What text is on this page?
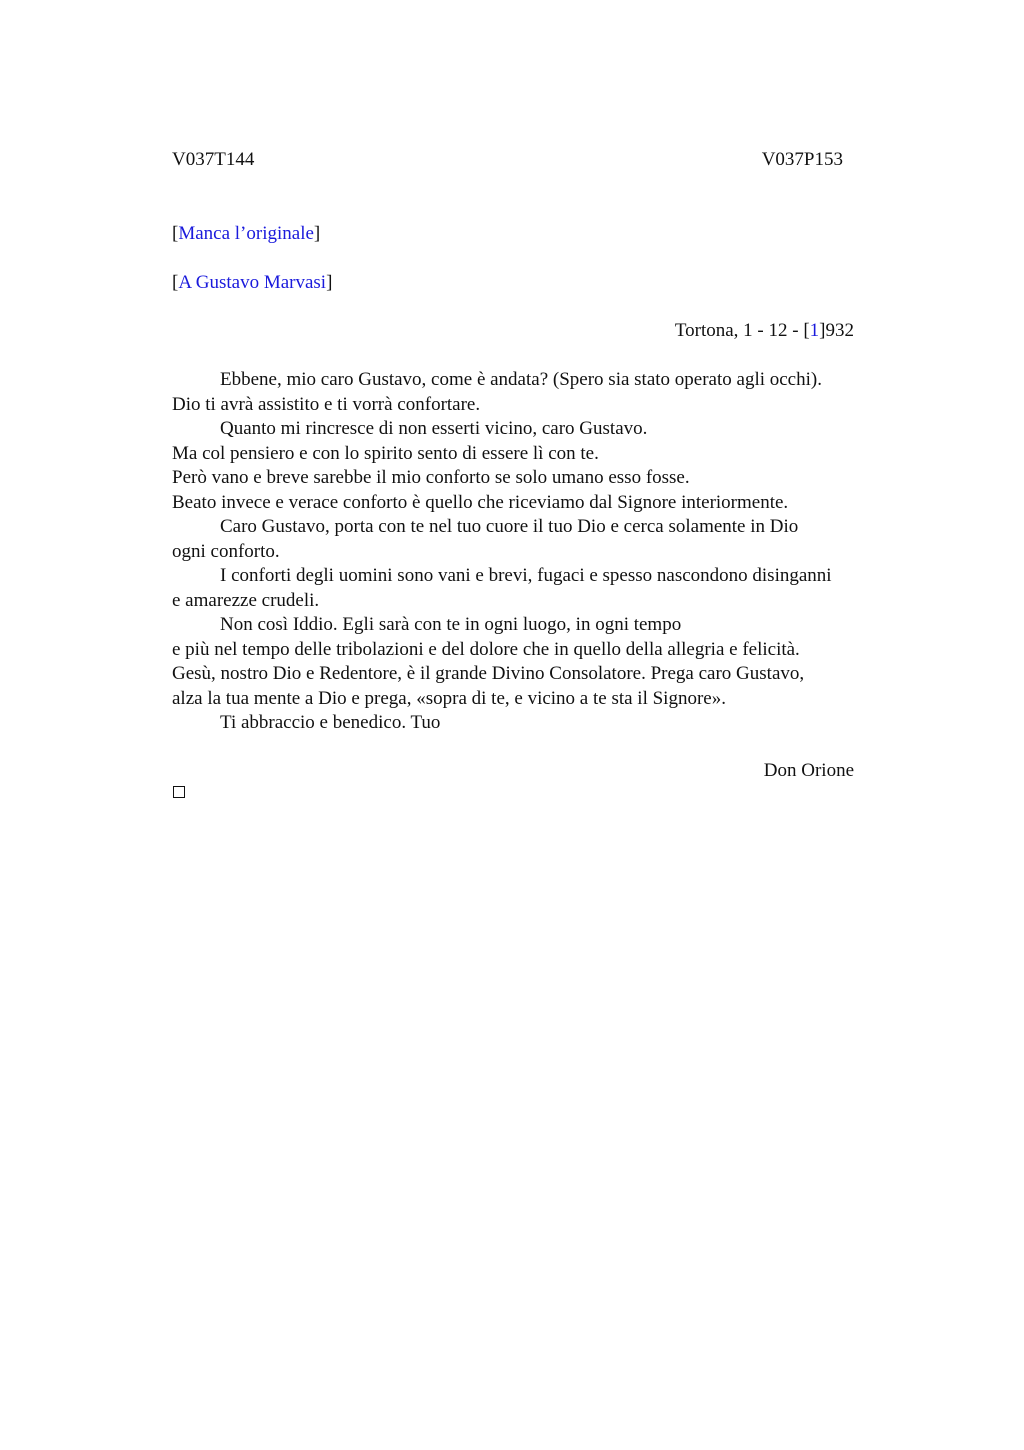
V037T144	V037P153
[Manca l’originale]
[A Gustavo Marvasi]
Tortona, 1 - 12 - [1]932
Ebbene, mio caro Gustavo, come è andata? (Spero sia stato operato agli occhi).
Dio ti avrà assistito e ti vorrà confortare.
Quanto mi rincresce di non esserti vicino, caro Gustavo.
Ma col pensiero e con lo spirito sento di essere lì con te.
Però vano e breve sarebbe il mio conforto se solo umano esso fosse.
Beato invece e verace conforto è quello che riceviamo dal Signore interiormente.
Caro Gustavo, porta con te nel tuo cuore il tuo Dio e cerca solamente in Dio
ogni conforto.
I conforti degli uomini sono vani e brevi, fugaci e spesso nascondono disinganni
e amarezze crudeli.
Non così Iddio. Egli sarà con te in ogni luogo, in ogni tempo
e più nel tempo delle tribolazioni e del dolore che in quello della allegria e felicità.
Gesù, nostro Dio e Redentore, è il grande Divino Consolatore. Prega caro Gustavo,
alza la tua mente a Dio e prega, «sopra di te, e vicino a te sta il Signore».
Ti abbraccio e benedico. Tuo
Don Orione
